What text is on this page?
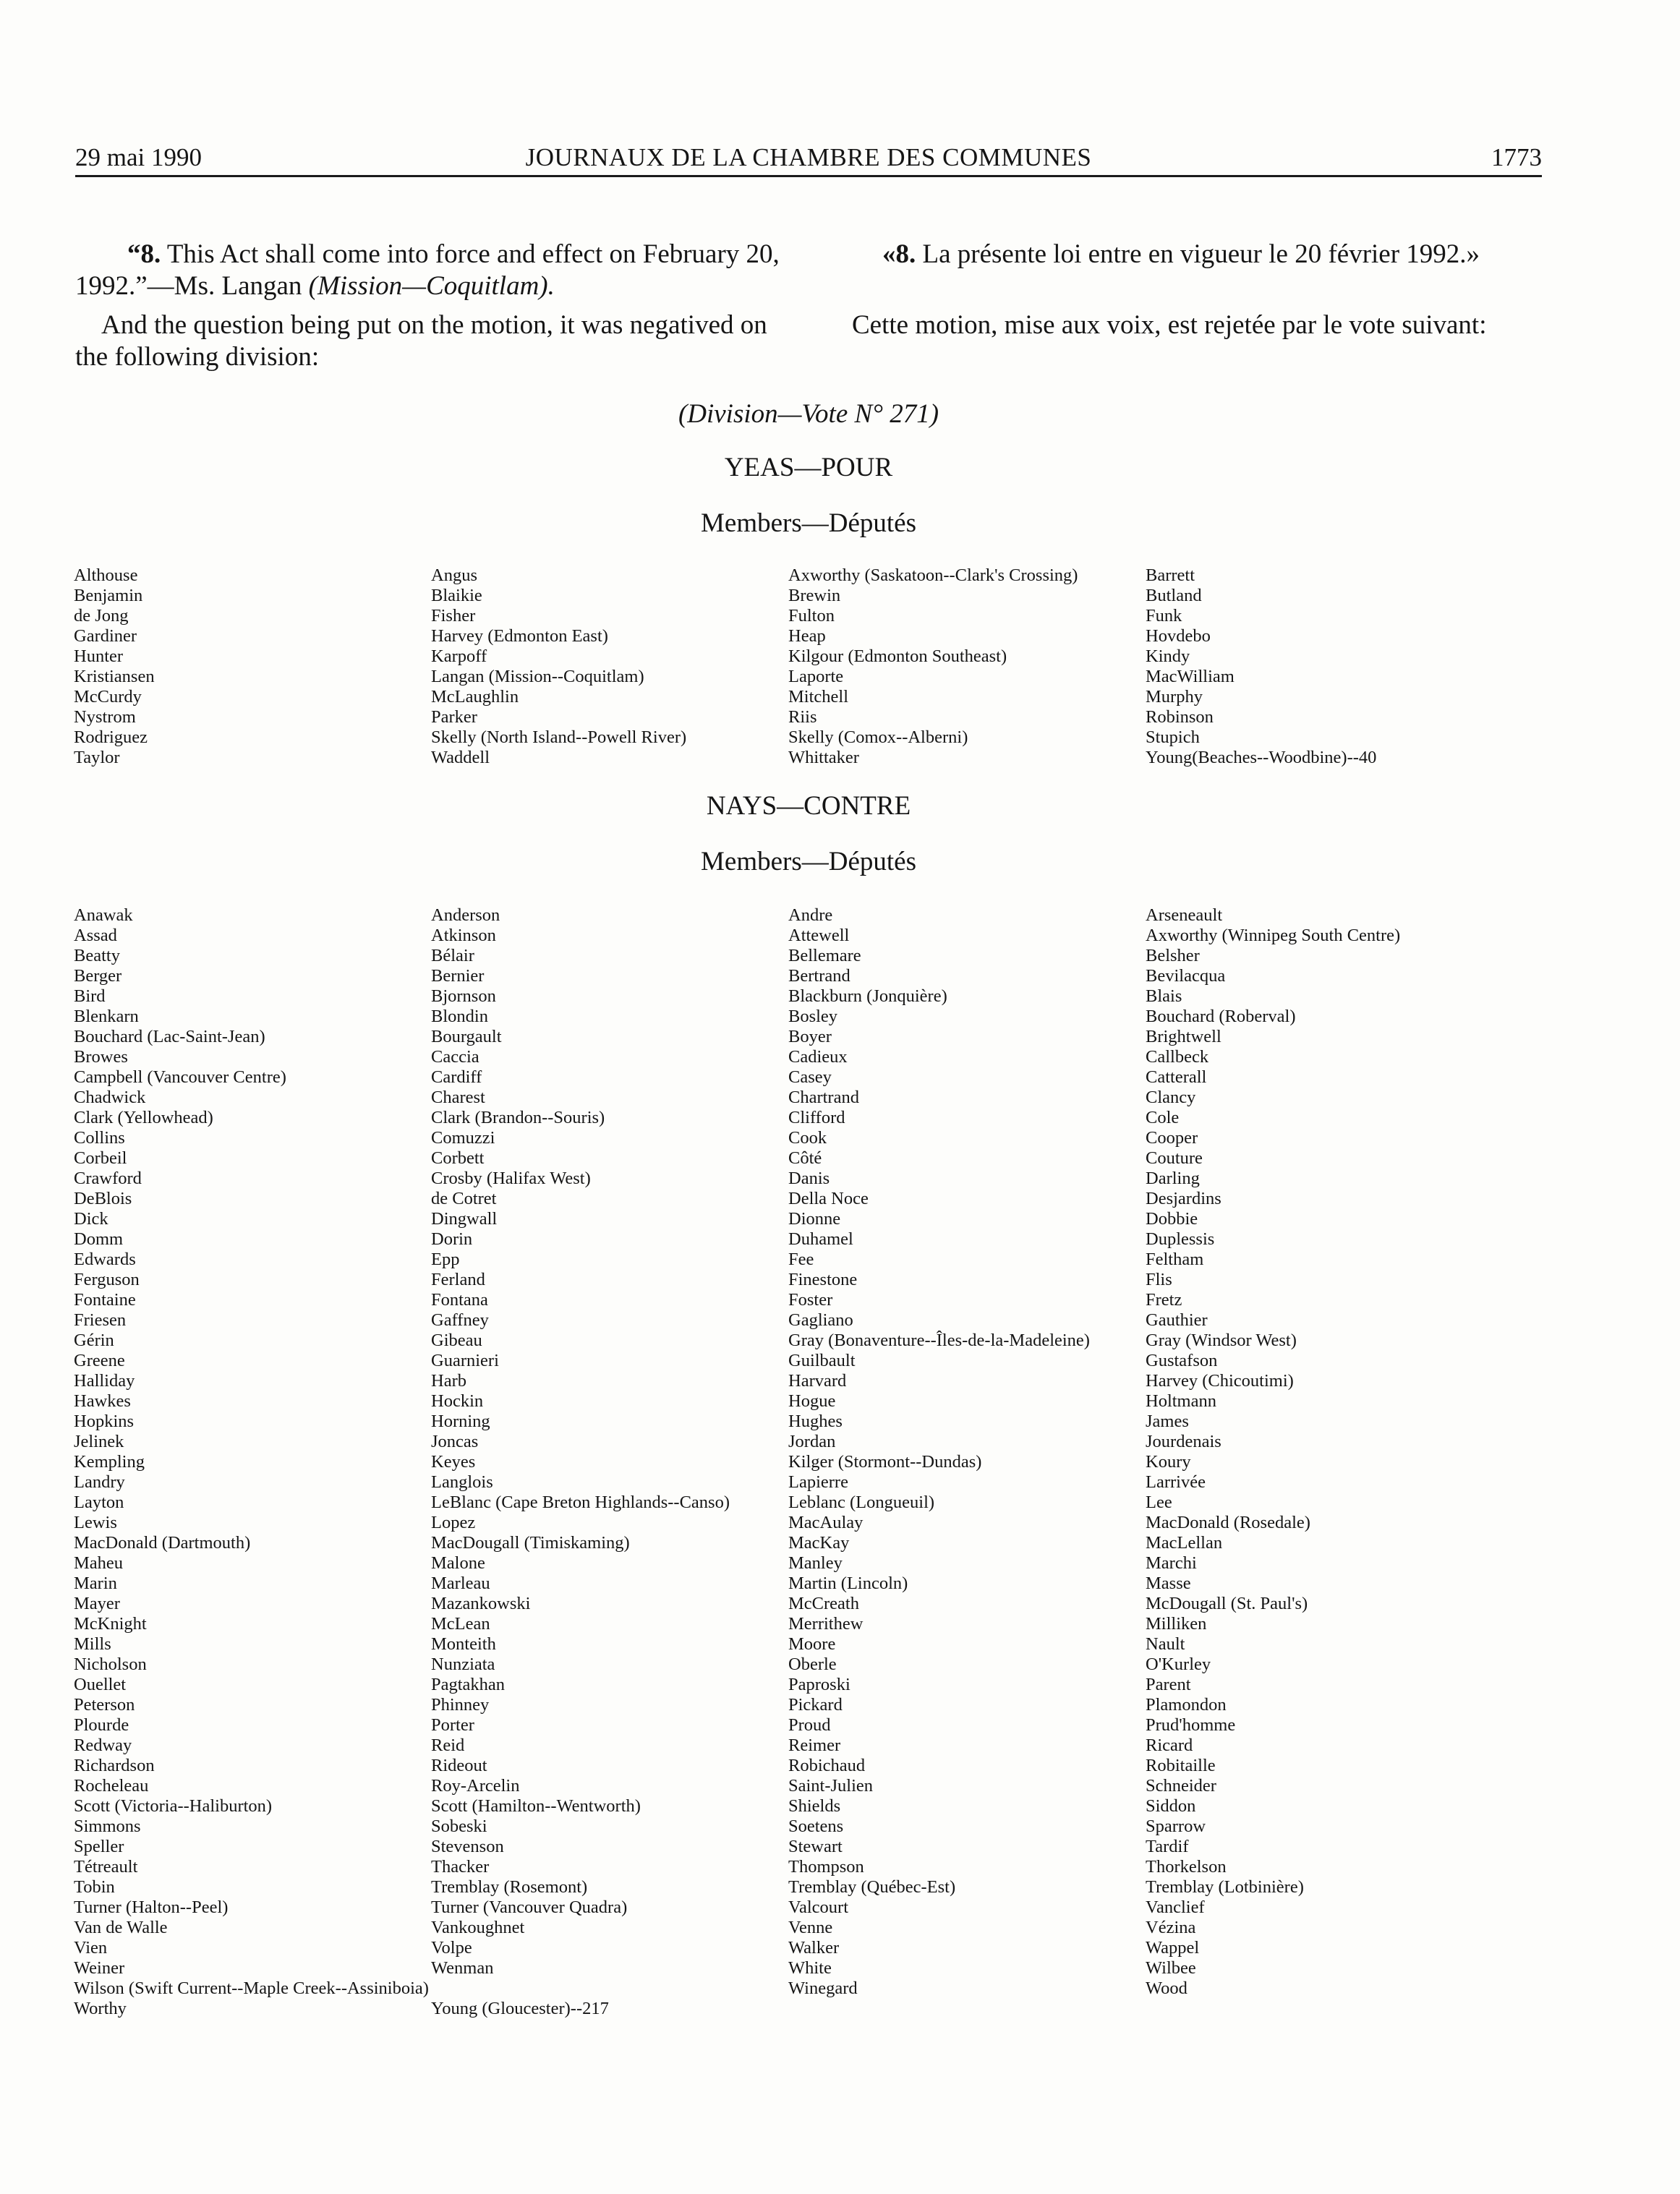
29 mai 1990	JOURNAUX DE LA CHAMBRE DES COMMUNES	1773

“8. This Act shall come into force and effect on February 20, 1992.”—Ms. Langan (Mission—Coquitlam).

«8. La présente loi entre en vigueur le 20 février 1992.»

And the question being put on the motion, it was negatived on the following division:

Cette motion, mise aux voix, est rejetée par le vote suivant:

(Division—Vote N° 271)

YEAS—POUR

Members—Députés

Althouse
Benjamin
de Jong
Gardiner
Hunter
Kristiansen
McCurdy
Nystrom
Rodriguez
Taylor
Angus
Blaikie
Fisher
Harvey (Edmonton East)
Karpoff
Langan (Mission--Coquitlam)
McLaughlin
Parker
Skelly (North Island--Powell River)
Waddell
Axworthy (Saskatoon--Clark's Crossing)
Brewin
Fulton
Heap
Kilgour (Edmonton Southeast)
Laporte
Mitchell
Riis
Skelly (Comox--Alberni)
Whittaker
Barrett
Butland
Funk
Hovdebo
Kindy
MacWilliam
Murphy
Robinson
Stupich
Young(Beaches--Woodbine)--40

NAYS—CONTRE

Members—Députés

Anawak
Assad
Beatty
Berger
Bird
Blenkarn
Bouchard (Lac-Saint-Jean)
Browes
Campbell (Vancouver Centre)
Chadwick
Clark (Yellowhead)
Collins
Corbeil
Crawford
DeBlois
Dick
Domm
Edwards
Ferguson
Fontaine
Friesen
Gérin
Greene
Halliday
Hawkes
Hopkins
Jelinek
Kempling
Landry
Layton
Lewis
MacDonald (Dartmouth)
Maheu
Marin
Mayer
McKnight
Mills
Nicholson
Ouellet
Peterson
Plourde
Redway
Richardson
Rocheleau
Scott (Victoria--Haliburton)
Simmons
Speller
Tétreault
Tobin
Turner (Halton--Peel)
Van de Walle
Vien
Weiner
Wilson (Swift Current--Maple Creek--Assiniboia)
Worthy
Anderson
Atkinson
Bélair
Bernier
Bjornson
Blondin
Bourgault
Caccia
Cardiff
Charest
Clark (Brandon--Souris)
Comuzzi
Corbett
Crosby (Halifax West)
de Cotret
Dingwall
Dorin
Epp
Ferland
Fontana
Gaffney
Gibeau
Guarnieri
Harb
Hockin
Horning
Joncas
Keyes
Langlois
LeBlanc (Cape Breton Highlands--Canso)
Lopez
MacDougall (Timiskaming)
Malone
Marleau
Mazankowski
McLean
Monteith
Nunziata
Pagtakhan
Phinney
Porter
Reid
Rideout
Roy-Arcelin
Scott (Hamilton--Wentworth)
Sobeski
Stevenson
Thacker
Tremblay (Rosemont)
Turner (Vancouver Quadra)
Vankoughnet
Volpe
Wenman

Young (Gloucester)--217
Andre
Attewell
Bellemare
Bertrand
Blackburn (Jonquière)
Bosley
Boyer
Cadieux
Casey
Chartrand
Clifford
Cook
Côté
Danis
Della Noce
Dionne
Duhamel
Fee
Finestone
Foster
Gagliano
Gray (Bonaventure--Îles-de-la-Madeleine)
Guilbault
Harvard
Hogue
Hughes
Jordan
Kilger (Stormont--Dundas)
Lapierre
Leblanc (Longueuil)
MacAulay
MacKay
Manley
Martin (Lincoln)
McCreath
Merrithew
Moore
Oberle
Paproski
Pickard
Proud
Reimer
Robichaud
Saint-Julien
Shields
Soetens
Stewart
Thompson
Tremblay (Québec-Est)
Valcourt
Venne
Walker
White
Winegard
Arseneault
Axworthy (Winnipeg South Centre)
Belsher
Bevilacqua
Blais
Bouchard (Roberval)
Brightwell
Callbeck
Catterall
Clancy
Cole
Cooper
Couture
Darling
Desjardins
Dobbie
Duplessis
Feltham
Flis
Fretz
Gauthier
Gray (Windsor West)
Gustafson
Harvey (Chicoutimi)
Holtmann
James
Jourdenais
Koury
Larrivée
Lee
MacDonald (Rosedale)
MacLellan
Marchi
Masse
McDougall (St. Paul's)
Milliken
Nault
O'Kurley
Parent
Plamondon
Prud'homme
Ricard
Robitaille
Schneider
Siddon
Sparrow
Tardif
Thorkelson
Tremblay (Lotbinière)
Vanclief
Vézina
Wappel
Wilbee
Wood
